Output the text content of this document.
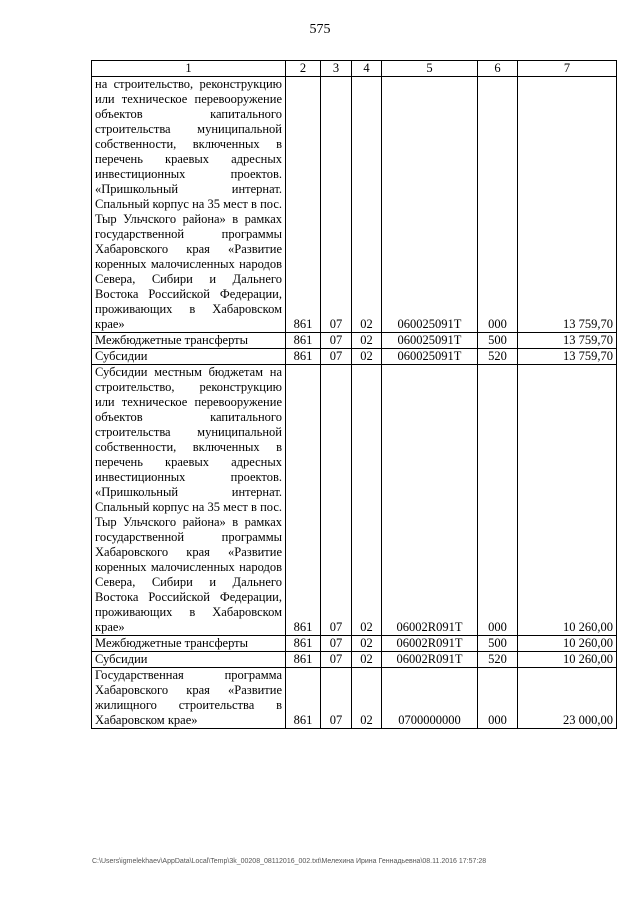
575
1	2	3	4	5	6	7
на строительство, реконструкцию или техническое перевооружение объектов капитального строительства муниципальной собственности, включенных в перечень краевых адресных инвестиционных проектов. «Пришкольный интернат. Спальный корпус на 35 мест в пос. Тыр Ульчского района» в рамках государственной программы Хабаровского края «Развитие коренных малочисленных народов Севера, Сибири и Дальнего Востока Российской Федерации, проживающих в Хабаровском крае»	861	07	02	060025091T	000	13 759,70
Межбюджетные трансферты	861	07	02	060025091T	500	13 759,70
Субсидии	861	07	02	060025091T	520	13 759,70
Субсидии местным бюджетам на строительство, реконструкцию или техническое перевооружение объектов капитального строительства муниципальной собственности, включенных в перечень краевых адресных инвестиционных проектов. «Пришкольный интернат. Спальный корпус на 35 мест в пос. Тыр Ульчского района» в рамках государственной программы Хабаровского края «Развитие коренных малочисленных народов Севера, Сибири и Дальнего Востока Российской Федерации, проживающих в Хабаровском крае»	861	07	02	06002R091T	000	10 260,00
Межбюджетные трансферты	861	07	02	06002R091T	500	10 260,00
Субсидии	861	07	02	06002R091T	520	10 260,00
Государственная программа Хабаровского края «Развитие жилищного строительства в Хабаровском крае»	861	07	02	0700000000	000	23 000,00
C:\Users\igmelekhaev\AppData\Local\Temp\3k_00208_08112016_002.txt\Мелехина Ирина Геннадьевна\08.11.2016 17:57:28
